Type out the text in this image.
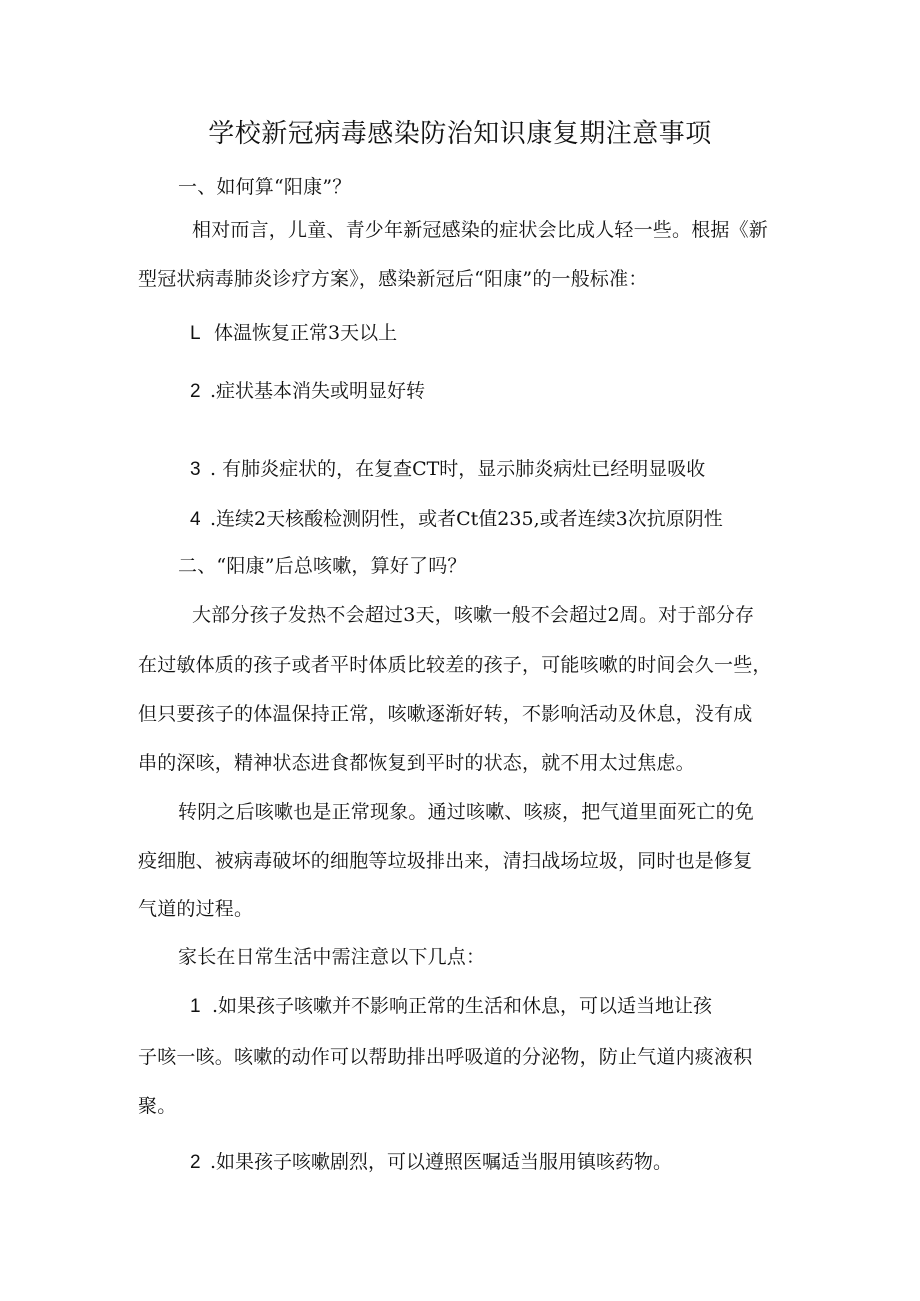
学校新冠病毒感染防治知识康复期注意事项
一、如何算“阳康”？
相对而言，儿童、青少年新冠感染的症状会比成人轻一些。根据《新
型冠状病毒肺炎诊疗方案》，感染新冠后“阳康”的一般标准：
L 体温恢复正常3天以上
2 .症状基本消失或明显好转
3 . 有肺炎症状的，在复查CT时，显示肺炎病灶已经明显吸收
4 .连续2天核酸检测阴性，或者Ct值235,或者连续3次抗原阴性
二、“阳康”后总咳嗽，算好了吗？
大部分孩子发热不会超过3天，咳嗽一般不会超过2周。对于部分存
在过敏体质的孩子或者平时体质比较差的孩子，可能咳嗽的时间会久一些，
但只要孩子的体温保持正常，咳嗽逐渐好转，不影响活动及休息，没有成
串的深咳，精神状态进食都恢复到平时的状态，就不用太过焦虑。
转阴之后咳嗽也是正常现象。通过咳嗽、咳痰，把气道里面死亡的免
疫细胞、被病毒破坏的细胞等垃圾排出来，清扫战场垃圾，同时也是修复
气道的过程。
家长在日常生活中需注意以下几点：
1 .如果孩子咳嗽并不影响正常的生活和休息，可以适当地让孩
子咳一咳。咳嗽的动作可以帮助排出呼吸道的分泌物，防止气道内痰液积
聚。
2 .如果孩子咳嗽剧烈，可以遵照医嘱适当服用镇咳药物。
